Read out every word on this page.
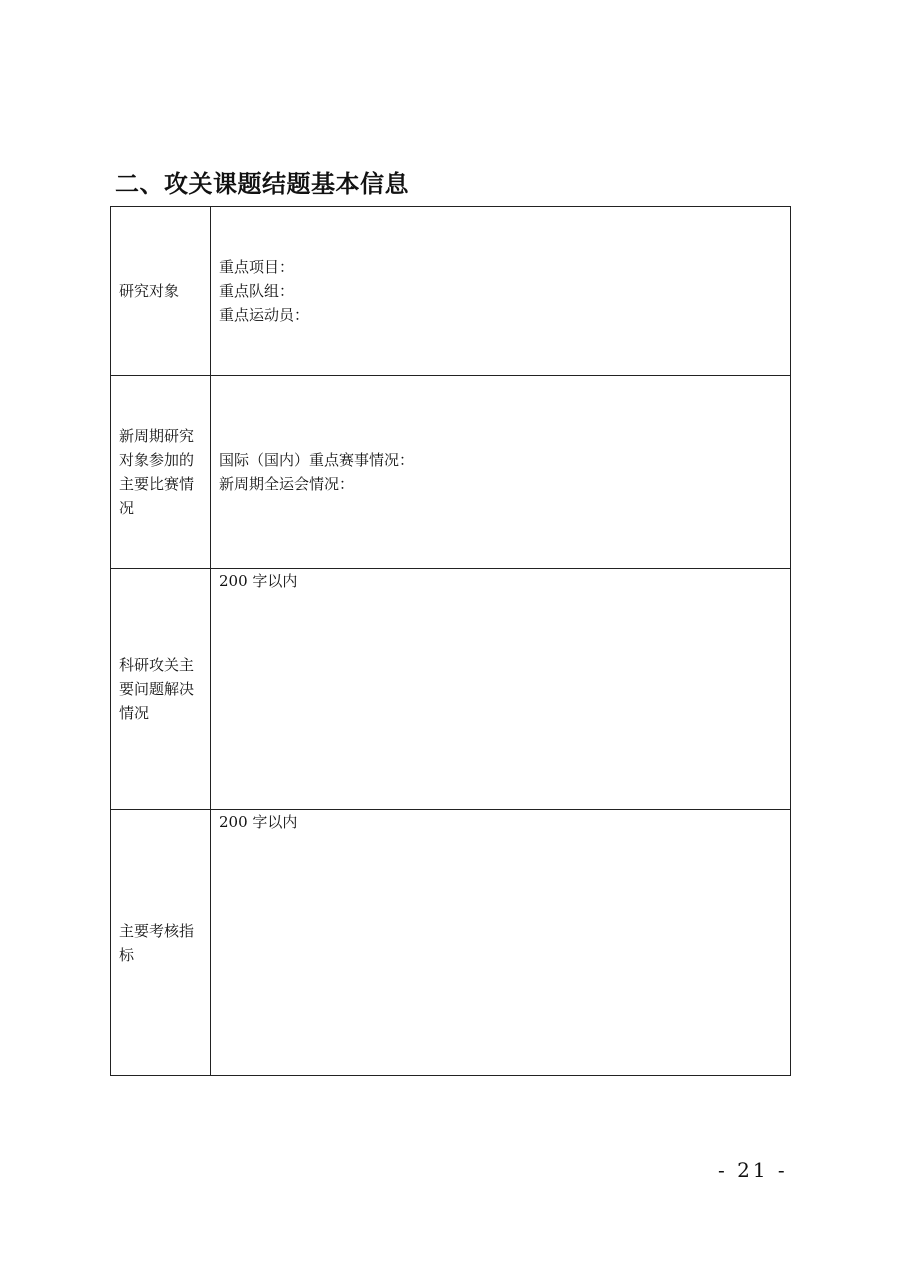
二、攻关课题结题基本信息
研究对象	重点项目：
重点队组：
重点运动员：

新周期研究对象参加的主要比赛情况	国际（国内）重点赛事情况：
新周期全运会情况：

科研攻关主要问题解决情况	200 字以内

主要考核指标	200 字以内
- 21 -
